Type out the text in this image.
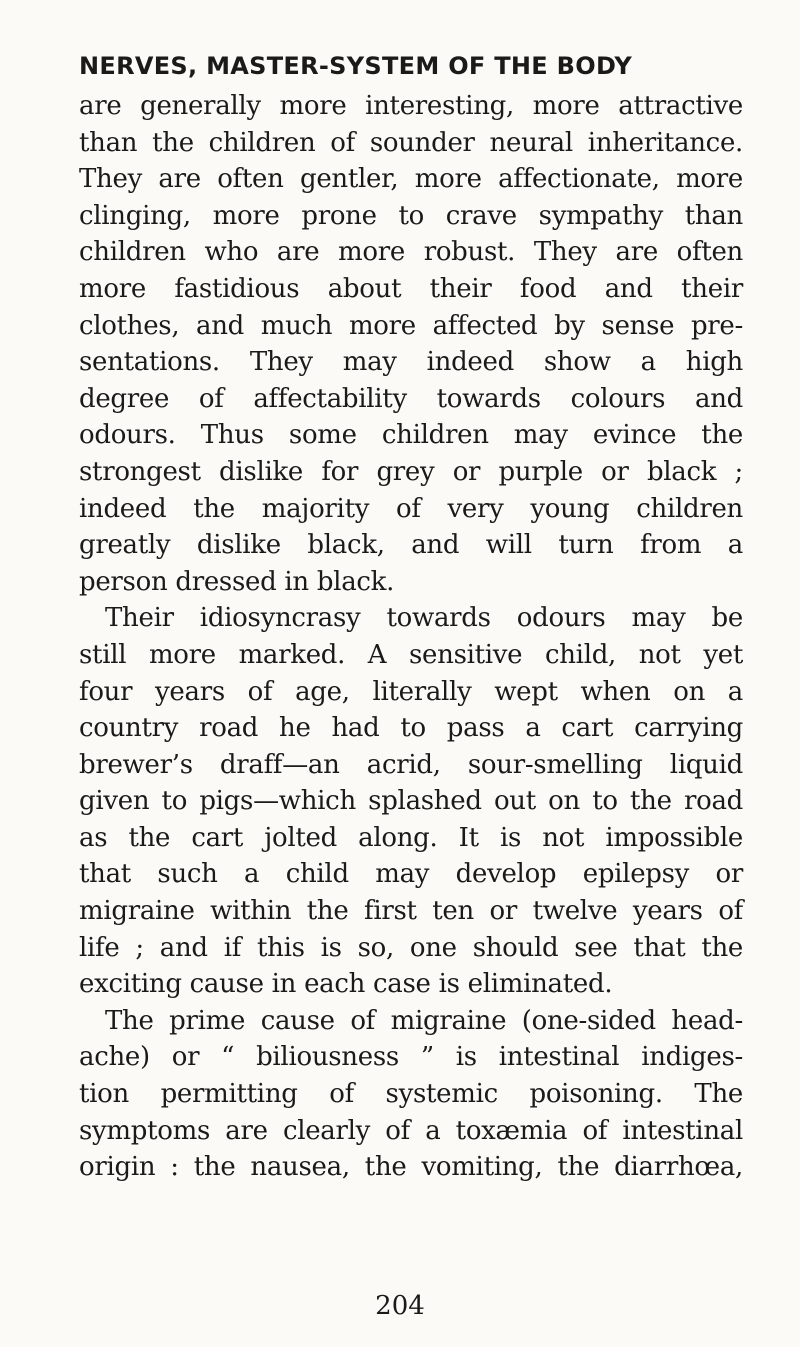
NERVES, MASTER-SYSTEM OF THE BODY
are generally more interesting, more attractive
than the children of sounder neural inheritance.
They are often gentler, more affectionate, more
clinging, more prone to crave sympathy than
children who are more robust. They are often
more fastidious about their food and their
clothes, and much more affected by sense pre-
sentations. They may indeed show a high
degree of affectability towards colours and
odours. Thus some children may evince the
strongest dislike for grey or purple or black ;
indeed the majority of very young children
greatly dislike black, and will turn from a
person dressed in black.
Their idiosyncrasy towards odours may be
still more marked. A sensitive child, not yet
four years of age, literally wept when on a
country road he had to pass a cart carrying
brewer’s draff—an acrid, sour-smelling liquid
given to pigs—which splashed out on to the road
as the cart jolted along. It is not impossible
that such a child may develop epilepsy or
migraine within the first ten or twelve years of
life ; and if this is so, one should see that the
exciting cause in each case is eliminated.
The prime cause of migraine (one-sided head-
ache) or “ biliousness ” is intestinal indiges-
tion permitting of systemic poisoning. The
symptoms are clearly of a toxæmia of intestinal
origin : the nausea, the vomiting, the diarrhœa,
204
